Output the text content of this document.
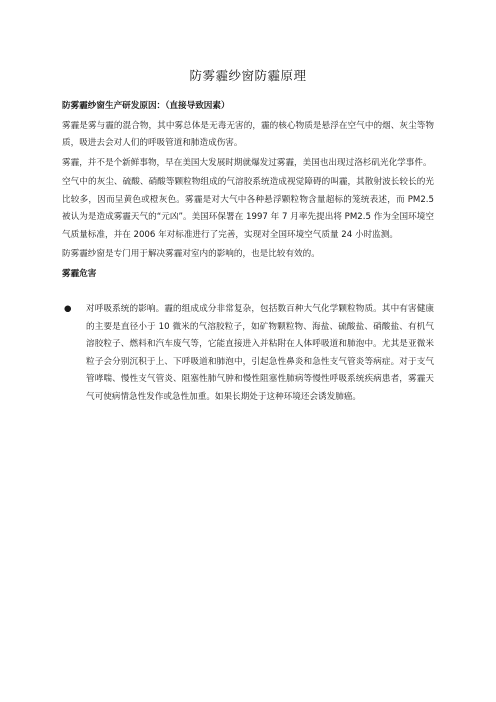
防雾霾纱窗防霾原理

防雾霾纱窗生产研发原因：（直接导致因素）

雾霾是雾与霾的混合物，其中雾总体是无毒无害的，霾的核心物质是悬浮在空气中的烟、灰尘等物质，吸进去会对人们的呼吸管道和肺造成伤害。

雾霾，并不是个新鲜事物，早在美国大发展时期就爆发过雾霾，美国也出现过洛杉矶光化学事件。

空气中的灰尘、硫酸、硝酸等颗粒物组成的气溶胶系统造成视觉障碍的叫霾，其散射波长较长的光比较多，因而呈黄色或橙灰色。雾霾是对大气中各种悬浮颗粒物含量超标的笼统表述，而 PM2.5 被认为是造成雾霾天气的“元凶”。美国环保署在 1997 年 7 月率先提出将 PM2.5 作为全国环境空气质量标准，并在 2006 年对标准进行了完善，实现对全国环境空气质量 24 小时监测。

防雾霾纱窗是专门用于解决雾霾对室内的影响的，也是比较有效的。

雾霾危害

● 对呼吸系统的影响。霾的组成成分非常复杂，包括数百种大气化学颗粒物质。其中有害健康的主要是直径小于 10 微米的气溶胶粒子，如矿物颗粒物、海盐、硫酸盐、硝酸盐、有机气溶胶粒子、燃料和汽车废气等，它能直接进入并粘附在人体呼吸道和肺泡中。尤其是亚微米粒子会分别沉积于上、下呼吸道和肺泡中，引起急性鼻炎和急性支气管炎等病症。对于支气管哮喘、慢性支气管炎、阻塞性肺气肿和慢性阻塞性肺病等慢性呼吸系统疾病患者，雾霾天气可使病情急性发作或急性加重。如果长期处于这种环境还会诱发肺癌。
